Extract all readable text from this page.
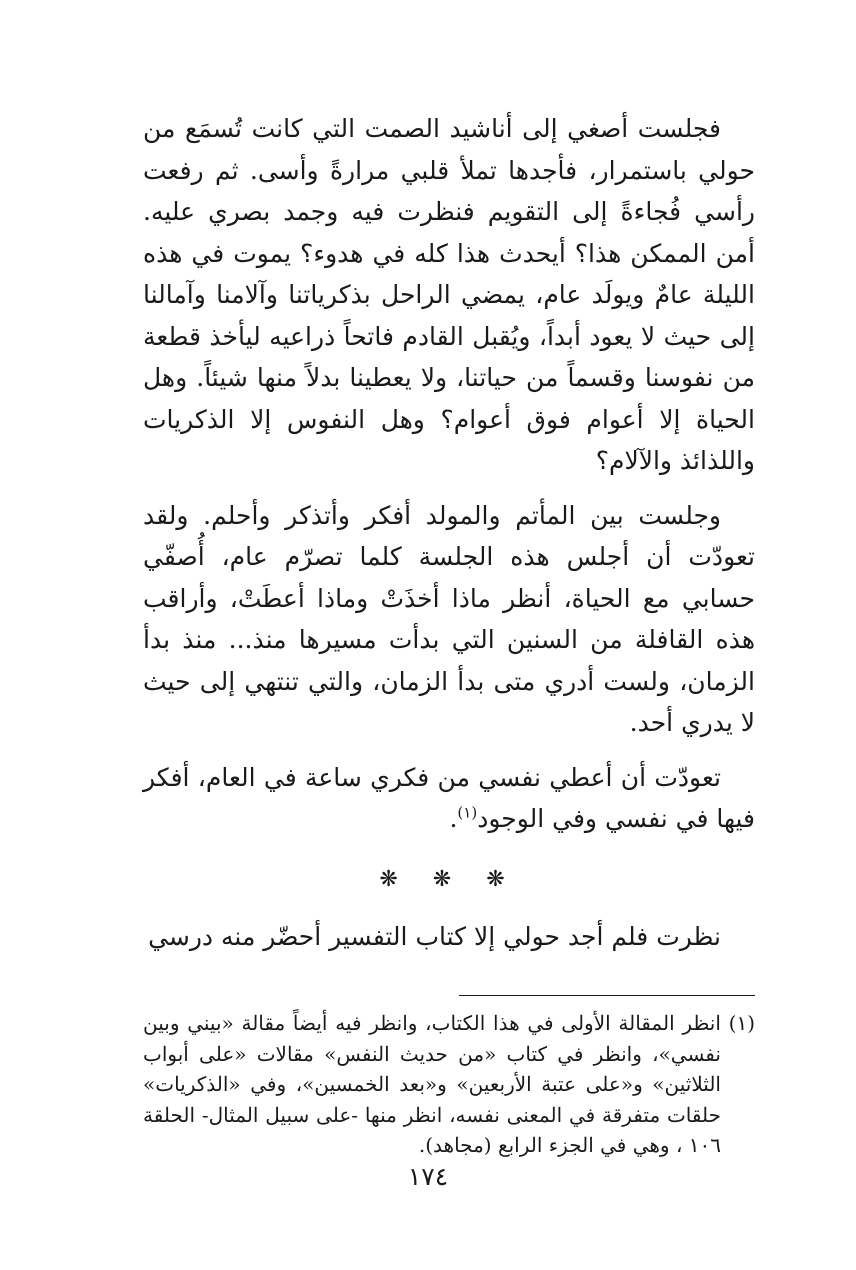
فجلست أصغي إلى أناشيد الصمت التي كانت تُسمَع من حولي باستمرار، فأجدها تملأ قلبي مرارةً وأسى. ثم رفعت رأسي فُجاءةً إلى التقويم فنظرت فيه وجمد بصري عليه. أمن الممكن هذا؟ أيحدث هذا كله في هدوء؟ يموت في هذه الليلة عامٌ ويولَد عام، يمضي الراحل بذكرياتنا وآلامنا وآمالنا إلى حيث لا يعود أبداً، ويُقبل القادم فاتحاً ذراعيه ليأخذ قطعة من نفوسنا وقسماً من حياتنا، ولا يعطينا بدلاً منها شيئاً. وهل الحياة إلا أعوام فوق أعوام؟ وهل النفوس إلا الذكريات واللذائذ والآلام؟

وجلست بين المأتم والمولد أفكر وأتذكر وأحلم. ولقد تعودّت أن أجلس هذه الجلسة كلما تصرّم عام، أُصفّي حسابي مع الحياة، أنظر ماذا أخذَتْ وماذا أعطَتْ، وأراقب هذه القافلة من السنين التي بدأت مسيرها منذ... منذ بدأ الزمان، ولست أدري متى بدأ الزمان، والتي تنتهي إلى حيث لا يدري أحد.

تعودّت أن أعطي نفسي من فكري ساعة في العام، أفكر فيها في نفسي وفي الوجود$^{(١)}$.

❋ ❋ ❋

نظرت فلم أجد حولي إلا كتاب التفسير أحضّر منه درسي

(١) انظر المقالة الأولى في هذا الكتاب، وانظر فيه أيضاً مقالة «بيني وبين نفسي»، وانظر في كتاب «من حديث النفس» مقالات «على أبواب الثلاثين» و«على عتبة الأربعين» و«بعد الخمسين»، وفي «الذكريات» حلقات متفرقة في المعنى نفسه، انظر منها -على سبيل المثال- الحلقة ١٠٦ ، وهي في الجزء الرابع (مجاهد).

١٧٤
